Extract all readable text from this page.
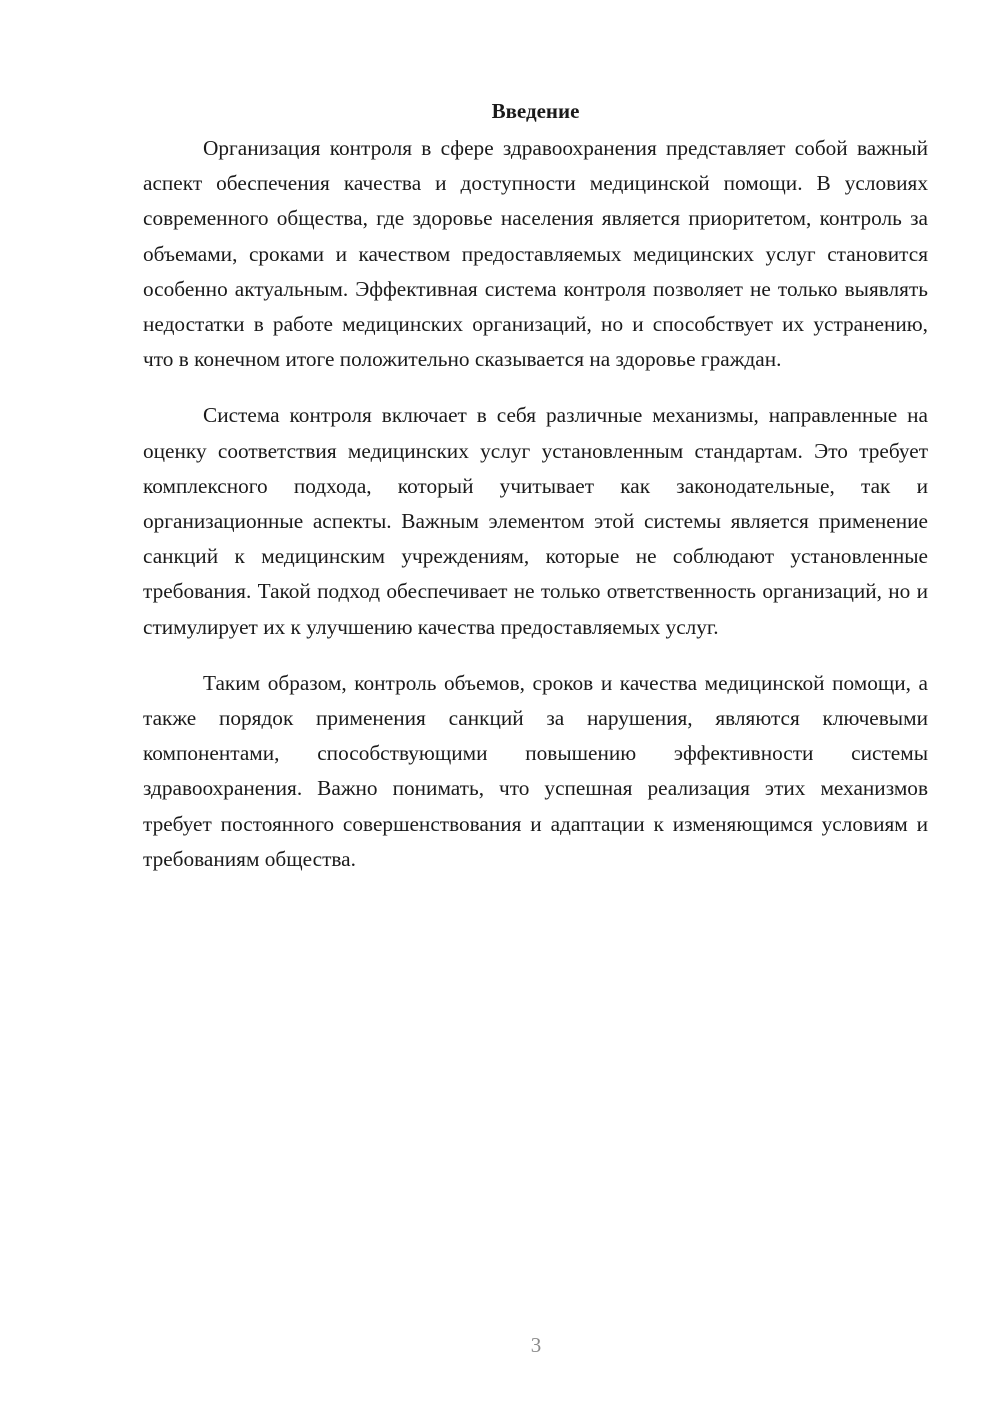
Введение

Организация контроля в сфере здравоохранения представляет собой важный аспект обеспечения качества и доступности медицинской помощи. В условиях современного общества, где здоровье населения является приоритетом, контроль за объемами, сроками и качеством предоставляемых медицинских услуг становится особенно актуальным. Эффективная система контроля позволяет не только выявлять недостатки в работе медицинских организаций, но и способствует их устранению, что в конечном итоге положительно сказывается на здоровье граждан.

Система контроля включает в себя различные механизмы, направленные на оценку соответствия медицинских услуг установленным стандартам. Это требует комплексного подхода, который учитывает как законодательные, так и организационные аспекты. Важным элементом этой системы является применение санкций к медицинским учреждениям, которые не соблюдают установленные требования. Такой подход обеспечивает не только ответственность организаций, но и стимулирует их к улучшению качества предоставляемых услуг.

Таким образом, контроль объемов, сроков и качества медицинской помощи, а также порядок применения санкций за нарушения, являются ключевыми компонентами, способствующими повышению эффективности системы здравоохранения. Важно понимать, что успешная реализация этих механизмов требует постоянного совершенствования и адаптации к изменяющимся условиям и требованиям общества.

3
